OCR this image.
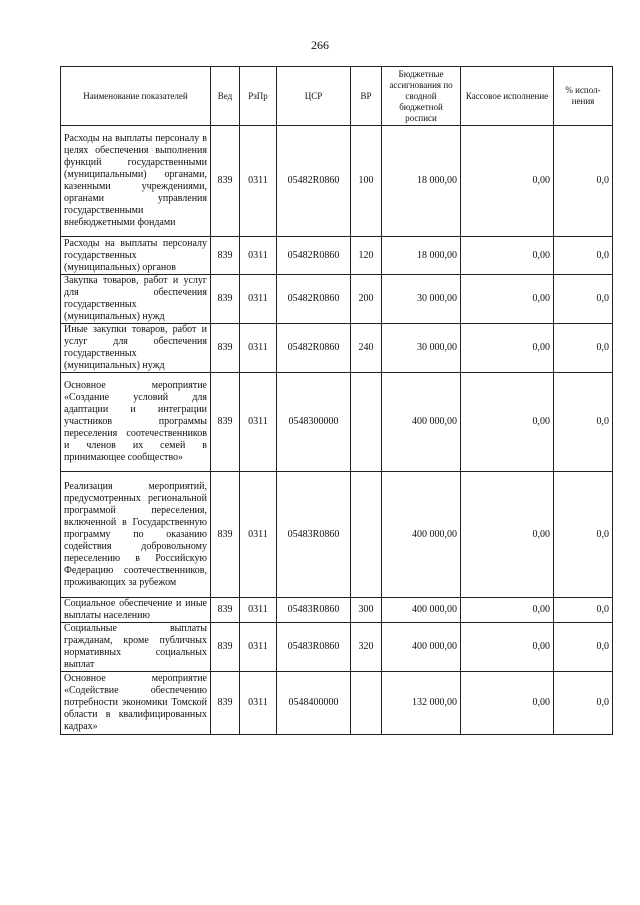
266
Наименование показателей	Вед	РзПр	ЦСР	ВР	Бюджетные ассигнования по сводной бюджетной росписи	Кассовое исполнение	% испол-нения
Расходы на выплаты персоналу в целях обеспечения выполнения функций государственными (муниципальными) органами, казенными учреждениями, органами управления государственными внебюджетными фондами	839	0311	05482R0860	100	18 000,00	0,00	0,0
Расходы на выплаты персоналу государственных (муниципальных) органов	839	0311	05482R0860	120	18 000,00	0,00	0,0
Закупка товаров, работ и услуг для обеспечения государственных (муниципальных) нужд	839	0311	05482R0860	200	30 000,00	0,00	0,0
Иные закупки товаров, работ и услуг для обеспечения государственных (муниципальных) нужд	839	0311	05482R0860	240	30 000,00	0,00	0,0
Основное мероприятие «Создание условий для адаптации и интеграции участников программы переселения соотечественников и членов их семей в принимающее сообщество»	839	0311	0548300000		400 000,00	0,00	0,0
Реализация мероприятий, предусмотренных региональной программой переселения, включенной в Государственную программу по оказанию содействия добровольному переселению в Российскую Федерацию соотечественников, проживающих за рубежом	839	0311	05483R0860		400 000,00	0,00	0,0
Социальное обеспечение и иные выплаты населению	839	0311	05483R0860	300	400 000,00	0,00	0,0
Социальные выплаты гражданам, кроме публичных нормативных социальных выплат	839	0311	05483R0860	320	400 000,00	0,00	0,0
Основное мероприятие «Содействие обеспечению потребности экономики Томской области в квалифицированных кадрах»	839	0311	0548400000		132 000,00	0,00	0,0
